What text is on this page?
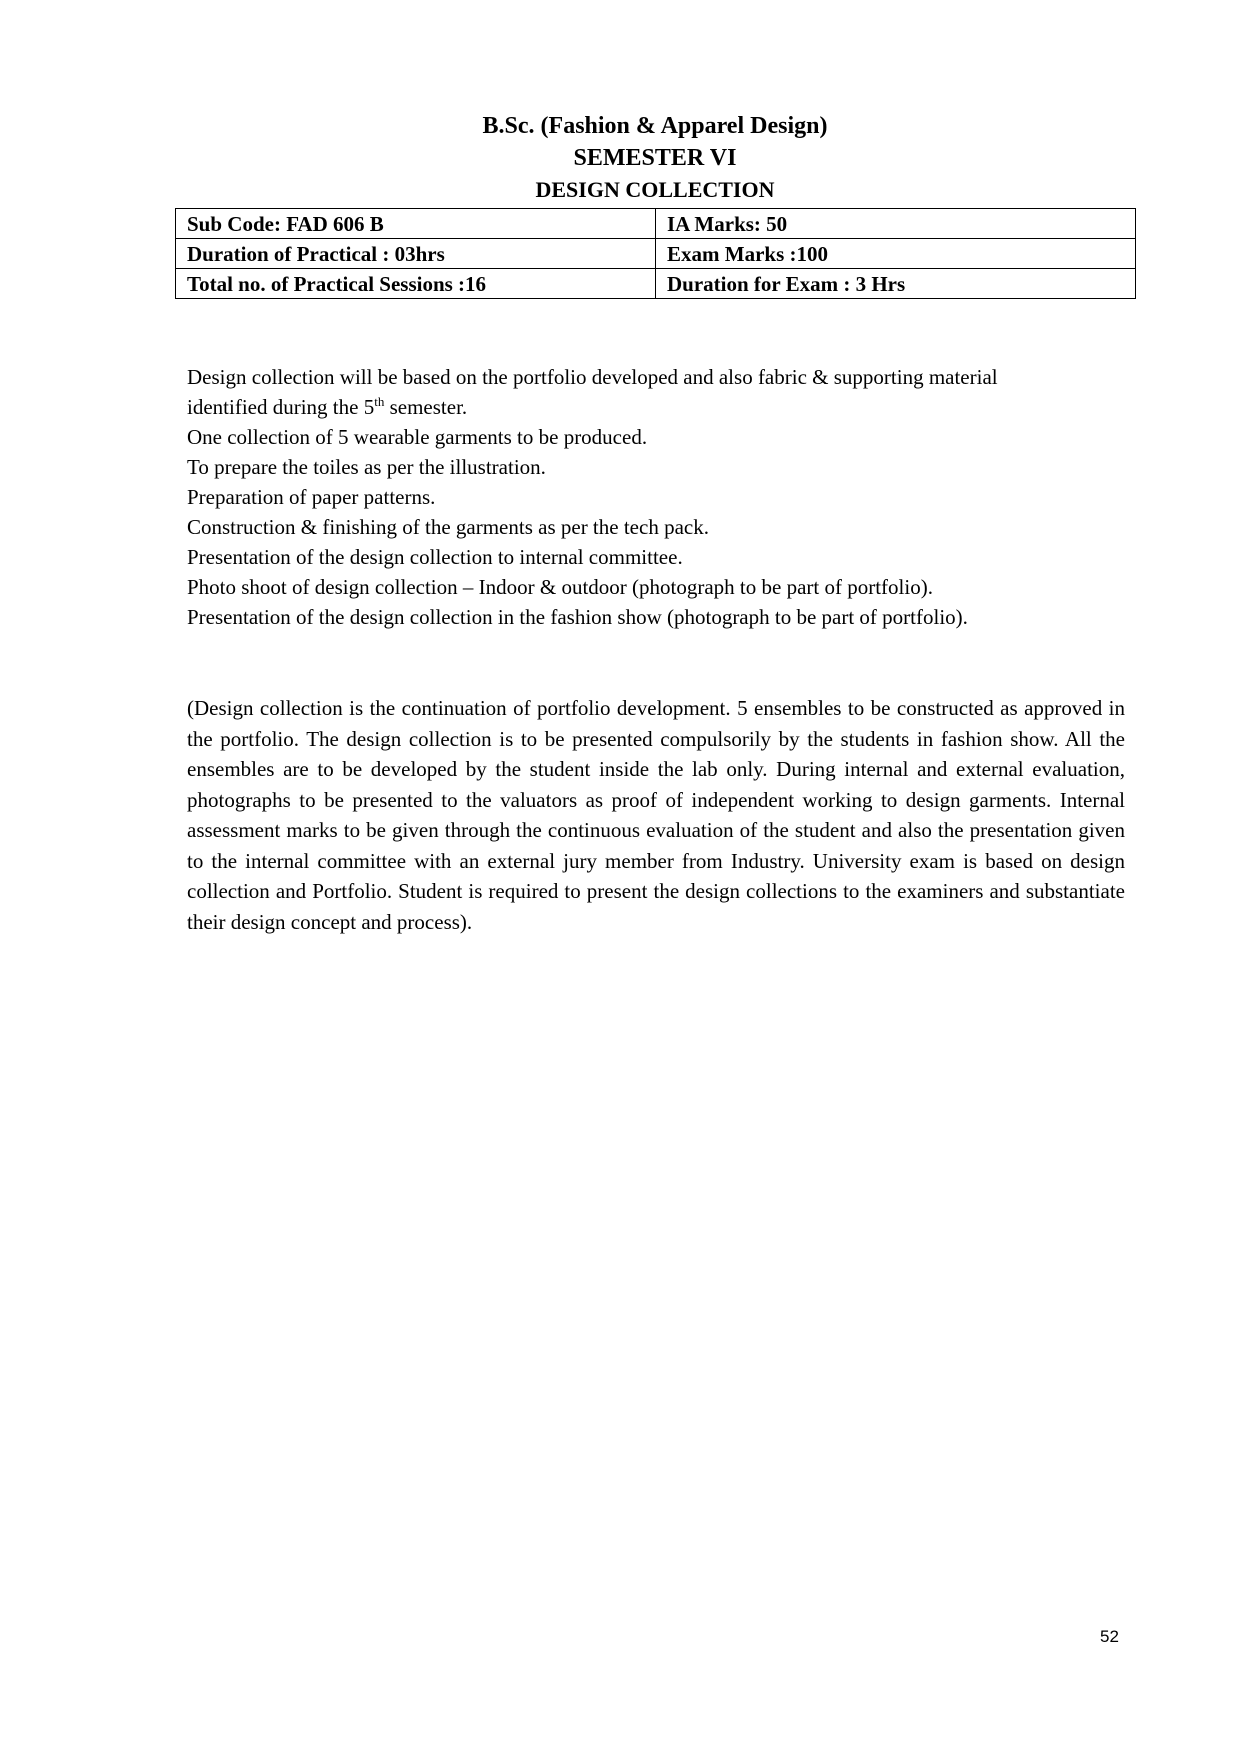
B.Sc. (Fashion & Apparel Design)
SEMESTER VI
DESIGN COLLECTION
Sub Code: FAD 606 B	IA Marks: 50
Duration of Practical : 03hrs	Exam Marks :100
Total no. of Practical Sessions :16	Duration for Exam : 3 Hrs
Design collection will be based on the portfolio developed and also fabric & supporting material
identified during the 5th semester.
One collection of 5 wearable garments to be produced.
To prepare the toiles as per the illustration.
Preparation of paper patterns.
Construction & finishing of the garments as per the tech pack.
Presentation of the design collection to internal committee.
Photo shoot of design collection – Indoor & outdoor (photograph to be part of portfolio).
Presentation of the design collection in the fashion show (photograph to be part of portfolio).
(Design collection is the continuation of portfolio development. 5 ensembles to be constructed as approved in the portfolio. The design collection is to be presented compulsorily by the students in fashion show. All the ensembles are to be developed by the student inside the lab only. During internal and external evaluation, photographs to be presented to the valuators as proof of independent working to design garments. Internal assessment marks to be given through the continuous evaluation of the student and also the presentation given to the internal committee with an external jury member from Industry. University exam is based on design collection and Portfolio. Student is required to present the design collections to the examiners and substantiate their design concept and process).
52
